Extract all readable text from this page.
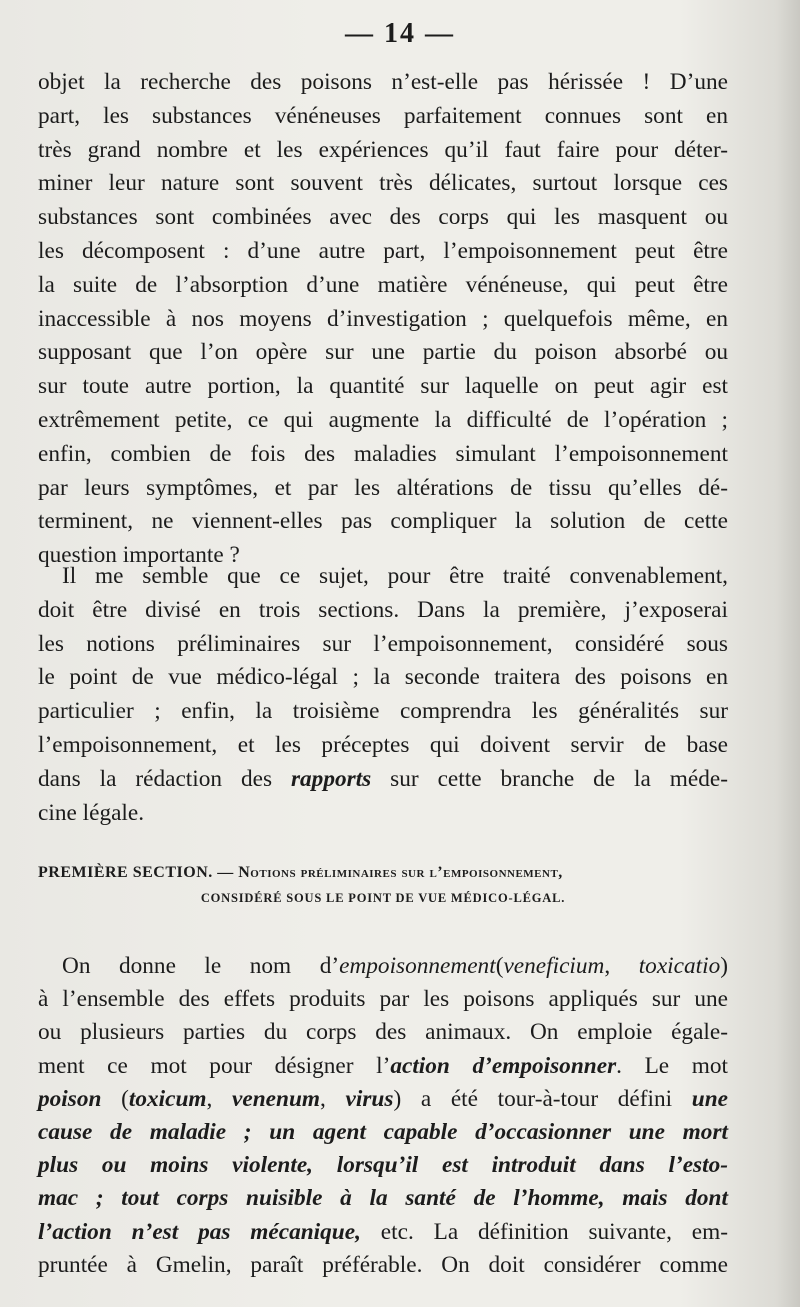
— 14 —
objet la recherche des poisons n’est-elle pas hérissée ! D’une
part, les substances vénéneuses parfaitement connues sont en
très grand nombre et les expériences qu’il faut faire pour déter-
miner leur nature sont souvent très délicates, surtout lorsque ces
substances sont combinées avec des corps qui les masquent ou
les décomposent : d’une autre part, l’empoisonnement peut être
la suite de l’absorption d’une matière vénéneuse, qui peut être
inaccessible à nos moyens d’investigation ; quelquefois même, en
supposant que l’on opère sur une partie du poison absorbé ou
sur toute autre portion, la quantité sur laquelle on peut agir est
extrêmement petite, ce qui augmente la difficulté de l’opération ;
enfin, combien de fois des maladies simulant l’empoisonnement
par leurs symptômes, et par les altérations de tissu qu’elles dé-
terminent, ne viennent-elles pas compliquer la solution de cette
question importante ?
Il me semble que ce sujet, pour être traité convenablement,
doit être divisé en trois sections. Dans la première, j’exposerai
les notions préliminaires sur l’empoisonnement, considéré sous
le point de vue médico-légal ; la seconde traitera des poisons en
particulier ; enfin, la troisième comprendra les généralités sur
l’empoisonnement, et les préceptes qui doivent servir de base
dans la rédaction des rapports sur cette branche de la méde-
cine légale.
PREMIÈRE SECTION. — Notions préliminaires sur l’empoisonnement,
CONSIDÉRÉ SOUS LE POINT DE VUE MÉDICO-LÉGAL.
On donne le nom d’empoisonnement(veneficium, toxicatio)
à l’ensemble des effets produits par les poisons appliqués sur une
ou plusieurs parties du corps des animaux. On emploie égale-
ment ce mot pour désigner l’action d’empoisonner. Le mot
poison (toxicum, venenum, virus) a été tour-à-tour défini une
cause de maladie ; un agent capable d’occasionner une mort
plus ou moins violente, lorsqu’il est introduit dans l’esto-
mac ; tout corps nuisible à la santé de l’homme, mais dont
l’action n’est pas mécanique, etc. La définition suivante, em-
pruntée à Gmelin, paraît préférable. On doit considérer comme
